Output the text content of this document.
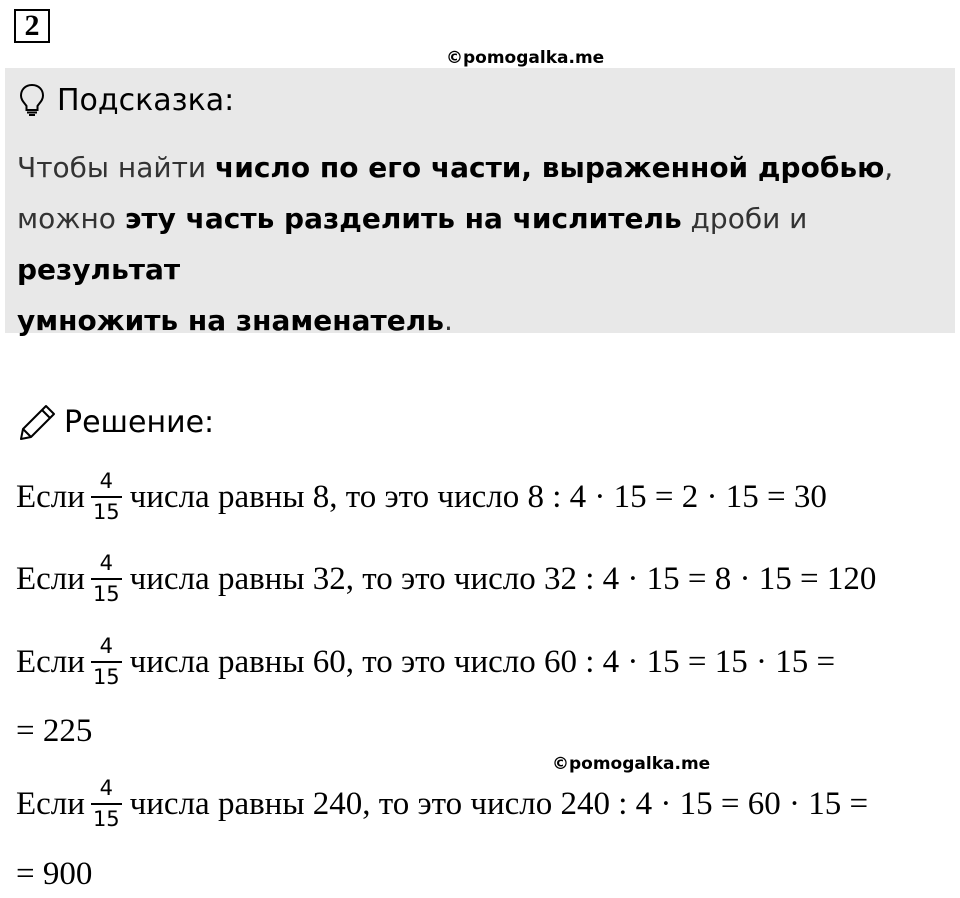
2
©pomogalka.me
Подсказка:
Чтобы найти число по его части, выраженной дробью,
можно эту часть разделить на числитель дроби и результат
умножить на знаменатель.
Решение:
Если $\frac{4}{15}$ числа равны 8, то это число 8 : 4 · 15 = 2 · 15 = 30
Если $\frac{4}{15}$ числа равны 32, то это число 32 : 4 · 15 = 8 · 15 = 120
Если $\frac{4}{15}$ числа равны 60, то это число 60 : 4 · 15 = 15 · 15 =
= 225
©pomogalka.me
Если $\frac{4}{15}$ числа равны 240, то это число 240 : 4 · 15 = 60 · 15 =
= 900
